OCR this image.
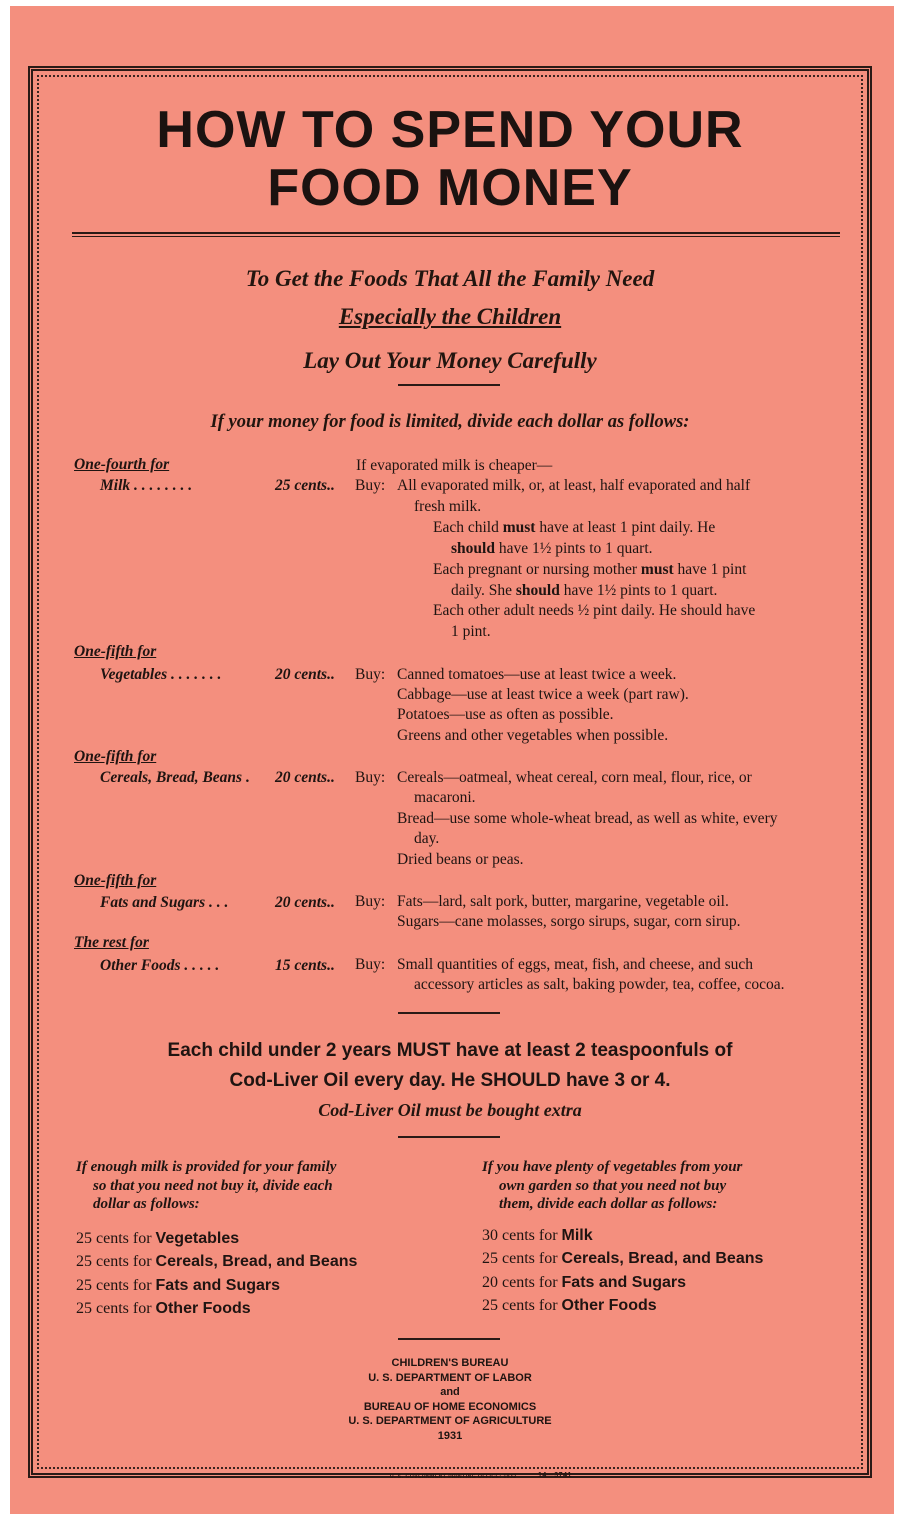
HOW TO SPEND YOUR
FOOD MONEY
To Get the Foods That All the Family Need
Especially the Children
Lay Out Your Money Carefully
If your money for food is limited, divide each dollar as follows:
One-fourth for	If evaporated milk is cheaper—
Milk . . . . . . . .	25 cents.. Buy: All evaporated milk, or, at least, half evaporated and half
fresh milk.
Each child must have at least 1 pint daily. He
should have 1½ pints to 1 quart.
Each pregnant or nursing mother must have 1 pint
daily. She should have 1½ pints to 1 quart.
Each other adult needs ½ pint daily. He should have
1 pint.
One-fifth for
Vegetables . . . . . . .	20 cents.. Buy: Canned tomatoes—use at least twice a week.
Cabbage—use at least twice a week (part raw).
Potatoes—use as often as possible.
Greens and other vegetables when possible.
One-fifth for
Cereals, Bread, Beans . 20 cents.. Buy: Cereals—oatmeal, wheat cereal, corn meal, flour, rice, or
macaroni.
Bread—use some whole-wheat bread, as well as white, every
day.
Dried beans or peas.
One-fifth for
Fats and Sugars . . .	20 cents.. Buy: Fats—lard, salt pork, butter, margarine, vegetable oil.
Sugars—cane molasses, sorgo sirups, sugar, corn sirup.
The rest for
Other Foods . . . . .	15 cents.. Buy: Small quantities of eggs, meat, fish, and cheese, and such
accessory articles as salt, baking powder, tea, coffee, cocoa.
Each child under 2 years MUST have at least 2 teaspoonfuls of
Cod-Liver Oil every day. He SHOULD have 3 or 4.
Cod-Liver Oil must be bought extra
If enough milk is provided for your family
so that you need not buy it, divide each
dollar as follows:
25 cents for Vegetables
25 cents for Cereals, Bread, and Beans
25 cents for Fats and Sugars
25 cents for Other Foods
If you have plenty of vegetables from your
own garden so that you need not buy
them, divide each dollar as follows:
30 cents for Milk
25 cents for Cereals, Bread, and Beans
20 cents for Fats and Sugars
25 cents for Other Foods
CHILDREN'S BUREAU
U. S. DEPARTMENT OF LABOR
and
BUREAU OF HOME ECONOMICS
U. S. DEPARTMENT OF AGRICULTURE
1931
U. S. GOVERNMENT PRINTING OFFICE: 1932	14—3741
